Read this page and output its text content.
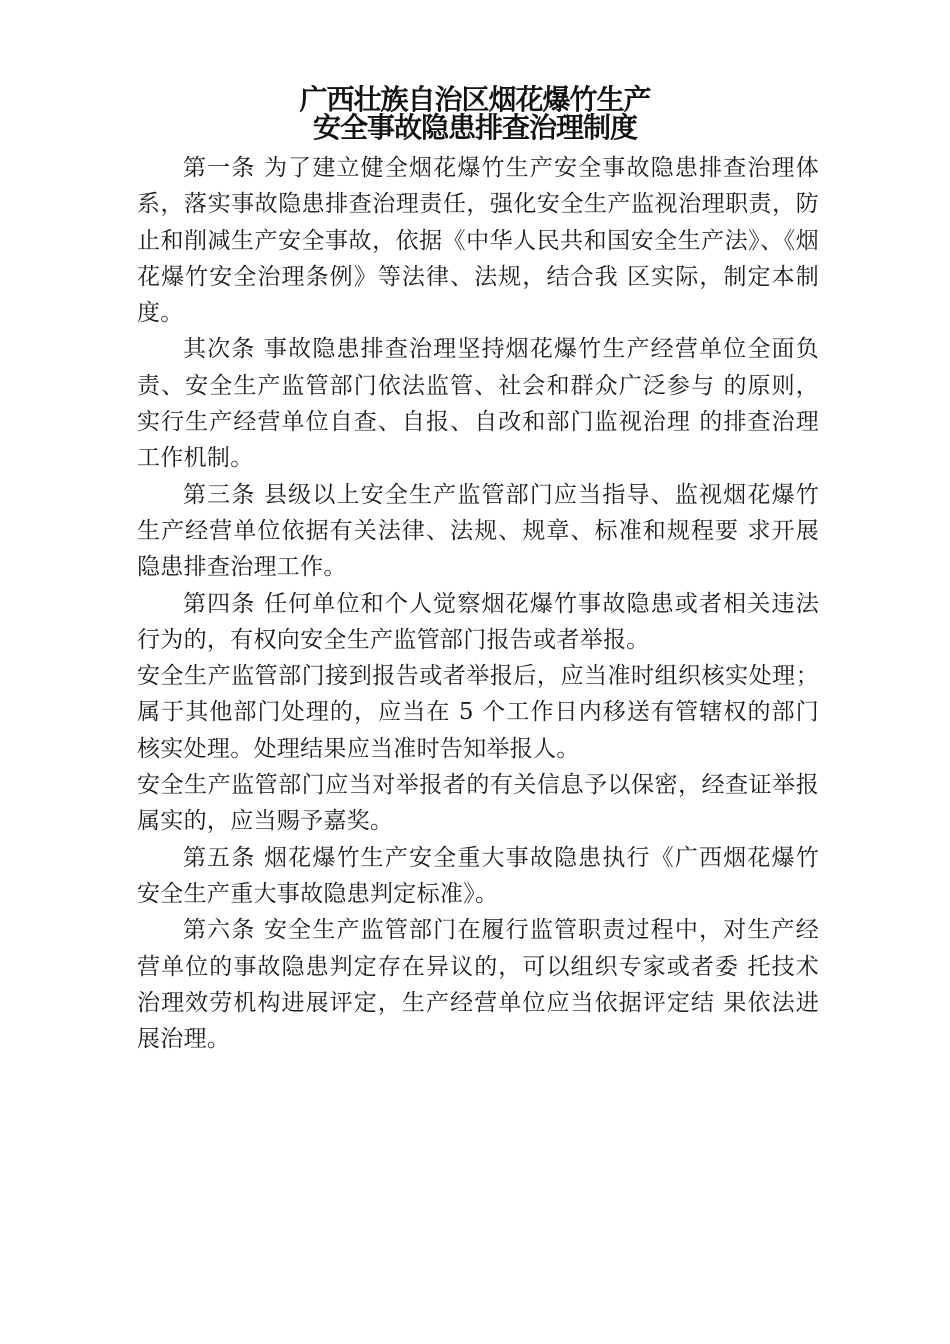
广西壮族自治区烟花爆竹生产
安全事故隐患排查治理制度

第一条 为了建立健全烟花爆竹生产安全事故隐患排查治理体系，落实事故隐患排查治理责任，强化安全生产监视治理职责，防止和削减生产安全事故，依据《中华人民共和国安全生产法》、《烟花爆竹安全治理条例》等法律、法规，结合我 区实际，制定本制度。

其次条 事故隐患排查治理坚持烟花爆竹生产经营单位全面负责、安全生产监管部门依法监管、社会和群众广泛参与 的原则，实行生产经营单位自查、自报、自改和部门监视治理 的排查治理工作机制。

第三条 县级以上安全生产监管部门应当指导、监视烟花爆竹生产经营单位依据有关法律、法规、规章、标准和规程要 求开展隐患排查治理工作。

第四条 任何单位和个人觉察烟花爆竹事故隐患或者相关违法行为的，有权向安全生产监管部门报告或者举报。

安全生产监管部门接到报告或者举报后，应当准时组织核实处理；属于其他部门处理的，应当在 5 个工作日内移送有管辖权的部门核实处理。处理结果应当准时告知举报人。

安全生产监管部门应当对举报者的有关信息予以保密，经查证举报属实的，应当赐予嘉奖。

第五条 烟花爆竹生产安全重大事故隐患执行《广西烟花爆竹安全生产重大事故隐患判定标准》。

第六条 安全生产监管部门在履行监管职责过程中，对生产经营单位的事故隐患判定存在异议的，可以组织专家或者委 托技术治理效劳机构进展评定，生产经营单位应当依据评定结 果依法进展治理。
